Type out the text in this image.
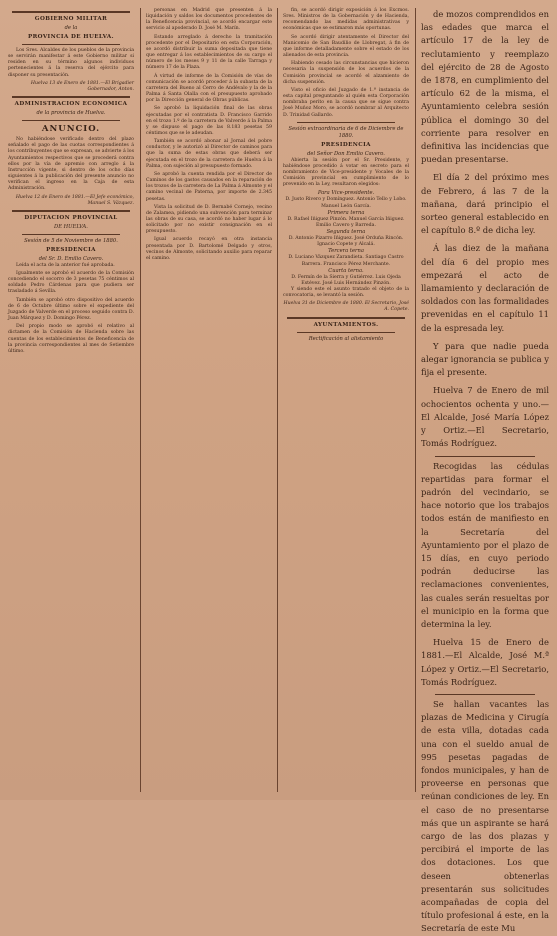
GOBIERNO MILITAR
de la
PROVINCIA DE HUELVA.

Los Sres. Alcaldes de los pueblos de la provincia se servirán manifestar á este Gobierno militar si residen en su término algunos individuos pertenecientes á la reserva del ejército para disponer su presentación.

Huelva 13 de Enero de 1881.—El Brigadier Gobernador, Anton.

ADMINISTRACION ECONOMICA
de la provincia de Huelva.
ANUNCIO.

No habiéndose verificado dentro del plazo señalado el pago de las cuotas correspondientes á los contribuyentes que se expresan, se advierte á los Ayuntamientos respectivos que se procederá contra ellos por la vía de apremio con arreglo á la Instrucción vigente, si dentro de los ocho días siguientes á la publicación del presente anuncio no verifican el ingreso en la Caja de esta Administración.

Huelva 12 de Enero de 1881.—El Jefe económico, Manuel S. Vázquez.

DIPUTACION PROVINCIAL
DE HUELVA.
Sesión de 5 de Noviembre de 1880.
PRESIDENCIA
del Sr. D. Emilio Cavero.

Leída el acta de la anterior fué aprobada.

Igualmente se aprobó el acuerdo de la Comisión concediendo el socorro de 3 pesetas 75 céntimos al soldado Pedro Cárdenas para que pudiera ser trasladado á Sevilla.

También se aprobó otro dispositivo del acuerdo de 6 de Octubre último sobre el expediente del Juzgado de Valverde en el proceso seguido contra D. Juan Márquez y D. Domingo Pérez.

Del propio modo se aprobó el relativo al dictamen de la Comisión de Hacienda sobre las cuentas de los establecimientos de Beneficencia de la provincia correspondientes al mes de Setiembre último.

personas en Madrid que presenten á la liquidación y saldos los documentos procedentes de la Beneficencia provincial, se acordó encargar este servicio al apoderado D. José M. Marín.

Estando arreglado á derecho la tramitación procedente por el Depositario en esta Corporación, se acordó distribuir la suma depositada que tiene que entregar á los establecimientos de su cargo el número de los meses 9 y 11 de la calle Tarraga y número 17 de la Plaza.

Á virtud de informe de la Comisión de vías de comunicación se acordó proceder á la subasta de la carretera del Bueno al Cerro de Andévalo y la de la Palma á Santa Olalla con el presupuesto aprobado por la Dirección general de Obras públicas.

Se aprobó la liquidación final de las obras ejecutadas por el contratista D. Francisco Garrido en el trozo 1.º de la carretera de Valverde á la Palma y se dispuso el pago de las 8.183 pesetas 59 céntimos que se le adeudan.

También se acordó abonar al Jornal del pobre conductor, y le autorizó al Director de caminos para que la suma de estas obras que deberá ser ejecutada en el trozo de la carretera de Huelva á la Palma, con sujeción al presupuesto formado.

Se aprobó la cuenta rendida por el Director de Caminos de los gastos causados en la reparación de los trozos de la carretera de La Palma á Almonte y el camino vecinal de Paterna, por importe de 2.345 pesetas.

Vista la solicitud de D. Bernabé Cornejo, vecino de Zalamea, pidiendo una subvención para terminar las obras de su casa, se acordó no haber lugar á lo solicitado por no existir consignación en el presupuesto.

Igual acuerdo recayó en otra instancia presentada por D. Bartolomé Delgado y otros, vecinos de Almonte, solicitando auxilio para reparar el camino.

fin, se acordó dirigir exposición á los Excmos. Sres. Ministros de la Gobernación y de Hacienda, recomendando las medidas administrativas y económicas que se estimaron más oportunas.

Se acordó dirigir atentamente el Director del Manicomio de San Baudilio de Llobregat, á fin de que informe detalladamente sobre el estado de los alienados de esta provincia.

Habiendo cesado las circunstancias que hicieron necesaria la suspensión de los acuerdos de la Comisión provincial se acordó el alzamiento de dicha suspensión.

Visto el oficio del Juzgado de 1.ª instancia de esta capital preguntando al quién esta Corporación nombraba perito en la causa que se sigue contra José Muñoz Moro, se acordó nombrar al Arquitecto D. Trinidad Gallardo.

Sesión extraordinaria de 6 de Diciembre de 1880.
PRESIDENCIA
del Señor Don Emilio Cavero.

Abierta la sesión por el Sr. Presidente, y habiéndose procedido á votar en secreto para el nombramiento de Vice-presidente y Vocales de la Comisión provincial en cumplimiento de lo prevenido en la Ley, resultaron elegidos:

Para Vice-presidente.

D. Justo Rivero y Domínguez. Antonio Tello y Lobo. Manuel León García.

Primera terna

D. Rafael Iñiguez Pinzón. Manuel García Iñiguez. Emilio Cavero y Barreda.

Segunda terna

D. Antonio Pizarro Iñiguez. José Orduña Rincón. Ignacio Copete y Alcalá.

Tercera terna

D. Luciano Vázquez Zarandieta. Santiago Castro Barrera. Francisco Pérez Merchante.

Cuarta terna.

D. Fermín de la Sierra y Gutiérrez. Luis Ojeda Estévez. José Luis Hernández Pinzón.

Y siendo este el asunto tratado el objeto de la convocatoria, se levantó la sesión.

Huelva 31 de Diciembre de 1880. El Secretario, José A. Copete.

AYUNTAMIENTOS.
Rectificación al alistamiento

de mozos comprendidos en las edades que marca el artículo 17 de la ley de reclutamiento y reemplazo del ejército de 28 de Agosto de 1878, en cumplimiento del artículo 62 de la misma, el Ayuntamiento celebra sesión pública el domingo 30 del corriente para resolver en definitiva las incidencias que puedan presentarse.

El día 2 del próximo mes de Febrero, á las 7 de la mañana, dará principio el sorteo general establecido en el capítulo 8.º de dicha ley.

Á las diez de la mañana del día 6 del propio mes empezará el acto de llamamiento y declaración de soldados con las formalidades prevenidas en el capítulo 11 de la espresada ley.

Y para que nadie pueda alegar ignorancia se publica y fija el presente.

Huelva 7 de Enero de mil ochocientos ochenta y uno.—El Alcalde, José María López y Ortiz.—El Secretario, Tomás Rodríguez.

Recogidas las cédulas repartidas para formar el padrón del vecindario, se hace notorio que los trabajos todos están de manifiesto en la Secretaría del Ayuntamiento por el plazo de 15 días, en cuyo periodo podrán deducirse las reclamaciones convenientes, las cuales serán resueltas por el municipio en la forma que determina la ley.

Huelva 15 de Enero de 1881.—El Alcalde, José M.ª López y Ortiz.—El Secretario, Tomás Rodríguez.

Se hallan vacantes las plazas de Medicina y Cirugía de esta villa, dotadas cada una con el sueldo anual de 995 pesetas pagadas de fondos municipales, y han de proveerse en personas que reúnan condiciones de ley. En el caso de no presentarse más que un aspirante se hará cargo de las dos plazas y percibirá el importe de las dos dotaciones. Los que deseen obtenerlas presentarán sus solicitudes acompañadas de copia del título profesional á este, en la Secretaría de este Mu
